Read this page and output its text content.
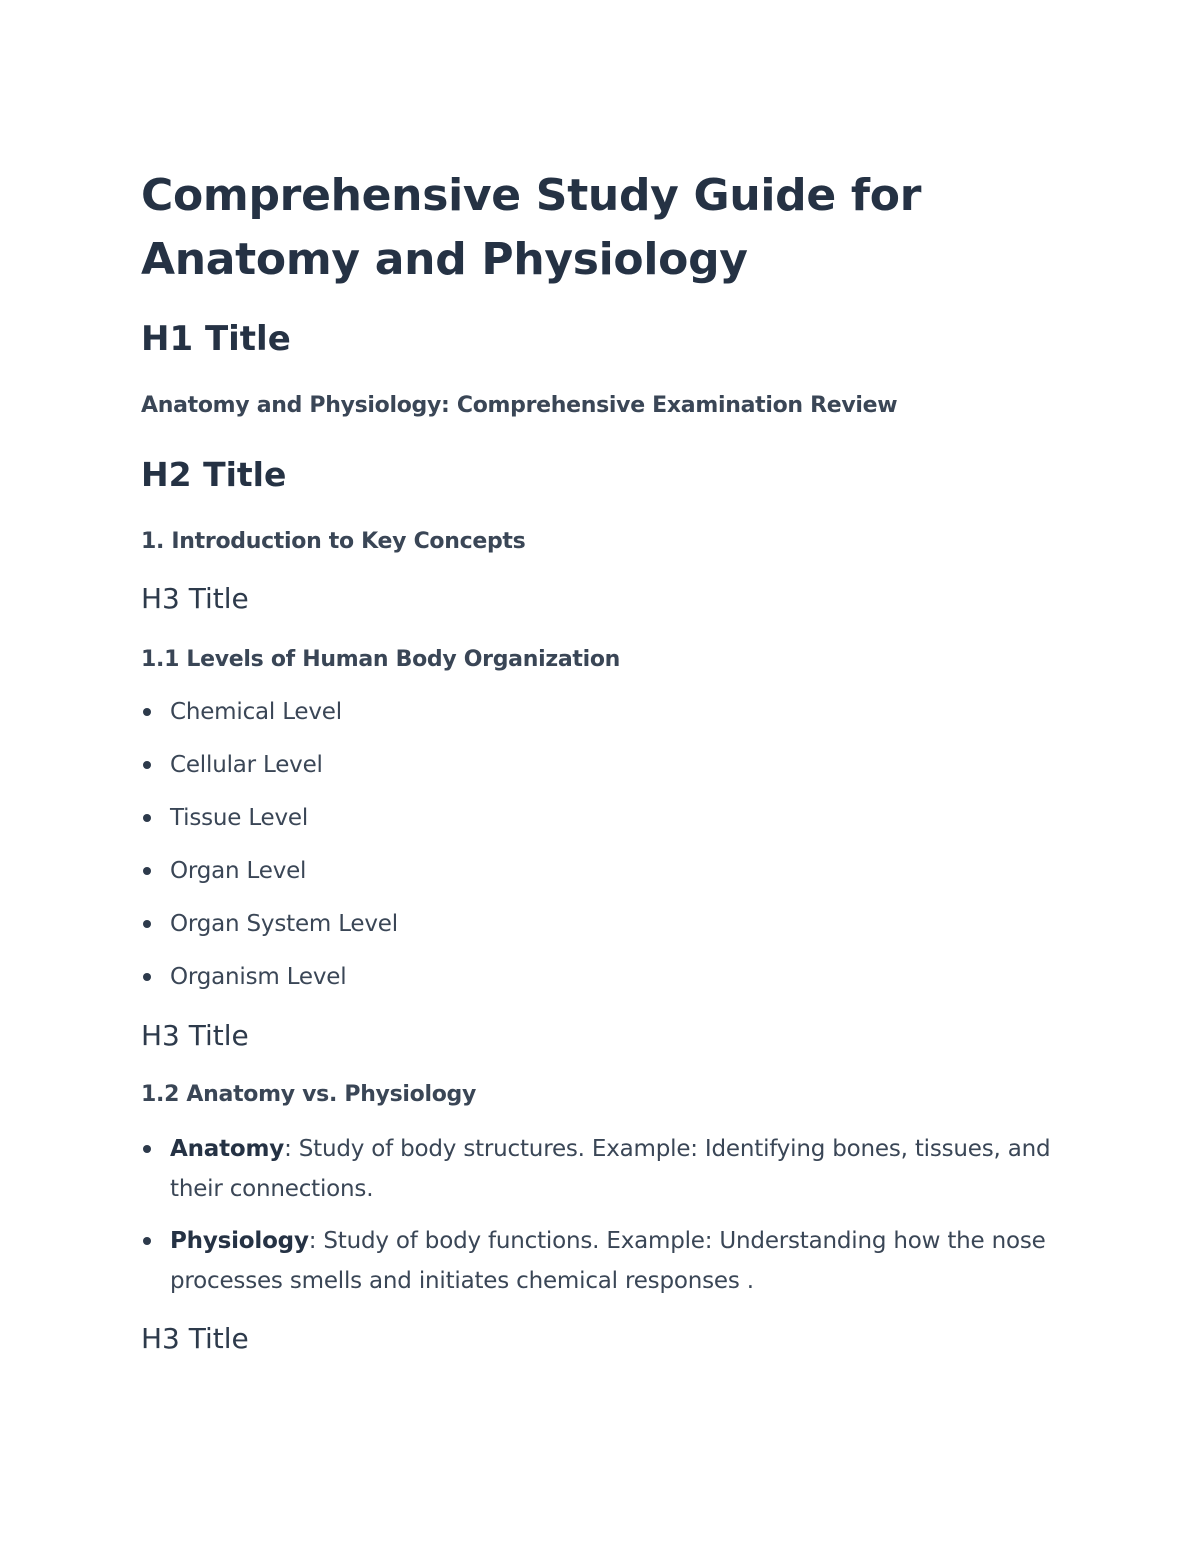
Comprehensive Study Guide for
Anatomy and Physiology
H1 Title
Anatomy and Physiology: Comprehensive Examination Review
H2 Title
1. Introduction to Key Concepts
H3 Title
1.1 Levels of Human Body Organization
Chemical Level
Cellular Level
Tissue Level
Organ Level
Organ System Level
Organism Level
H3 Title
1.2 Anatomy vs. Physiology
Anatomy: Study of body structures. Example: Identifying bones, tissues, and their connections.
Physiology: Study of body functions. Example: Understanding how the nose processes smells and initiates chemical responses .
H3 Title
